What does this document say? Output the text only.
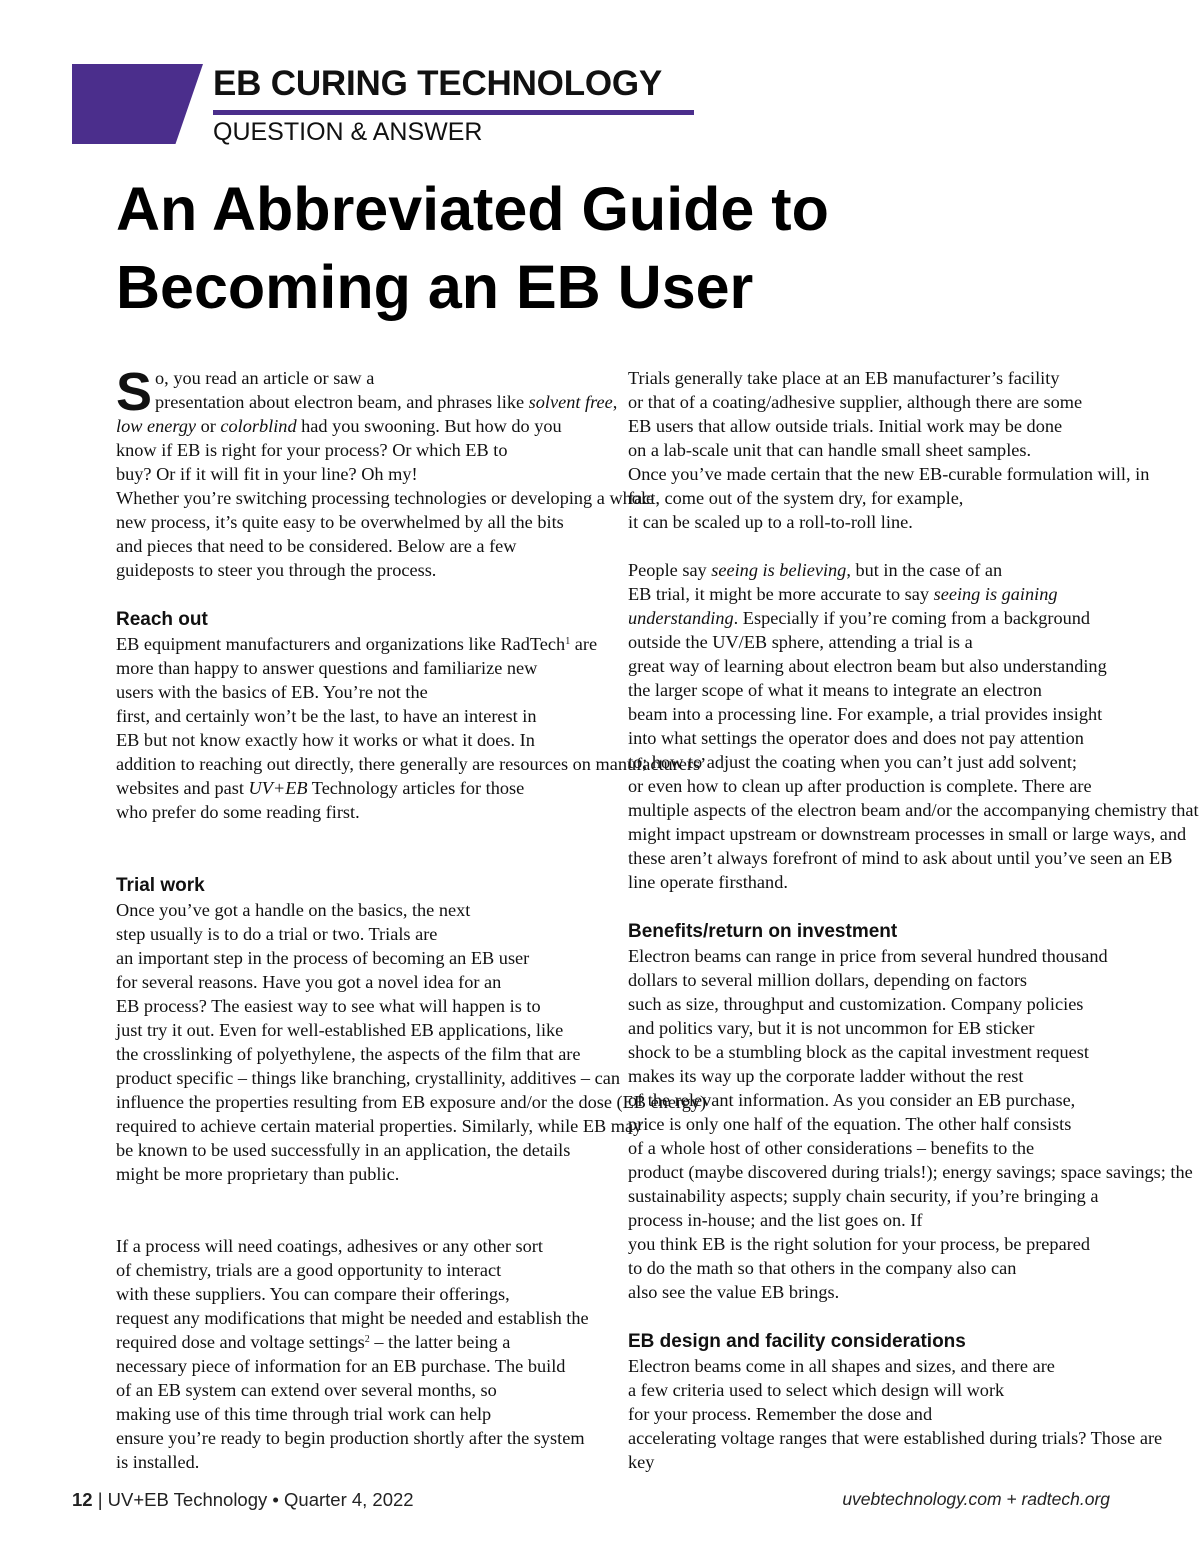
EB CURING TECHNOLOGY
QUESTION & ANSWER
An Abbreviated Guide to Becoming an EB User
S o, you read an article or saw a
presentation about electron beam, and phrases like solvent free,
low energy or colorblind had you swooning. But how do you
know if EB is right for your process? Or which EB to
buy? Or if it will fit in your line? Oh my!
Whether you’re switching processing technologies or developing a whole
new process, it’s quite easy to be overwhelmed by all the bits
and pieces that need to be considered. Below are a few
guideposts to steer you through the process.
Reach out
EB equipment manufacturers and organizations like RadTech$^1$ are
more than happy to answer questions and familiarize new
users with the basics of EB. You’re not the
first, and certainly won’t be the last, to have an interest in
EB but not know exactly how it works or what it does. In
addition to reaching out directly, there generally are resources on manufacturers’
websites and past UV+EB Technology articles for those
who prefer do some reading first.
Trial work
Once you’ve got a handle on the basics, the next
step usually is to do a trial or two. Trials are
an important step in the process of becoming an EB user
for several reasons. Have you got a novel idea for an
EB process? The easiest way to see what will happen is to
just try it out. Even for well-established EB applications, like
the crosslinking of polyethylene, the aspects of the film that are
product specific – things like branching, crystallinity, additives – can
influence the properties resulting from EB exposure and/or the dose (EB energy)
required to achieve certain material properties. Similarly, while EB may
be known to be used successfully in an application, the details
might be more proprietary than public.
If a process will need coatings, adhesives or any other sort
of chemistry, trials are a good opportunity to interact
with these suppliers. You can compare their offerings,
request any modifications that might be needed and establish the
required dose and voltage settings$^2$ – the latter being a
necessary piece of information for an EB purchase. The build
of an EB system can extend over several months, so
making use of this time through trial work can help
ensure you’re ready to begin production shortly after the system
is installed.
Trials generally take place at an EB manufacturer’s facility
or that of a coating/adhesive supplier, although there are some
EB users that allow outside trials. Initial work may be done
on a lab-scale unit that can handle small sheet samples.
Once you’ve made certain that the new EB-curable formulation will, in
fact, come out of the system dry, for example,
it can be scaled up to a roll-to-roll line.
People say seeing is believing, but in the case of an
EB trial, it might be more accurate to say seeing is gaining
understanding. Especially if you’re coming from a background
outside the UV/EB sphere, attending a trial is a
great way of learning about electron beam but also understanding
the larger scope of what it means to integrate an electron
beam into a processing line. For example, a trial provides insight
into what settings the operator does and does not pay attention
to; how to adjust the coating when you can’t just add solvent;
or even how to clean up after production is complete. There are
multiple aspects of the electron beam and/or the accompanying chemistry that
might impact upstream or downstream processes in small or large ways, and
these aren’t always forefront of mind to ask about until you’ve seen an EB
line operate firsthand.
Benefits/return on investment
Electron beams can range in price from several hundred thousand
dollars to several million dollars, depending on factors
such as size, throughput and customization. Company policies
and politics vary, but it is not uncommon for EB sticker
shock to be a stumbling block as the capital investment request
makes its way up the corporate ladder without the rest
of the relevant information. As you consider an EB purchase,
price is only one half of the equation. The other half consists
of a whole host of other considerations – benefits to the
product (maybe discovered during trials!); energy savings; space savings; the
sustainability aspects; supply chain security, if you’re bringing a
process in-house; and the list goes on. If
you think EB is the right solution for your process, be prepared
to do the math so that others in the company also can
also see the value EB brings.
EB design and facility considerations
Electron beams come in all shapes and sizes, and there are
a few criteria used to select which design will work
for your process. Remember the dose and
accelerating voltage ranges that were established during trials? Those are
key
12 | UV+EB Technology • Quarter 4, 2022	uvebtechnology.com + radtech.org
